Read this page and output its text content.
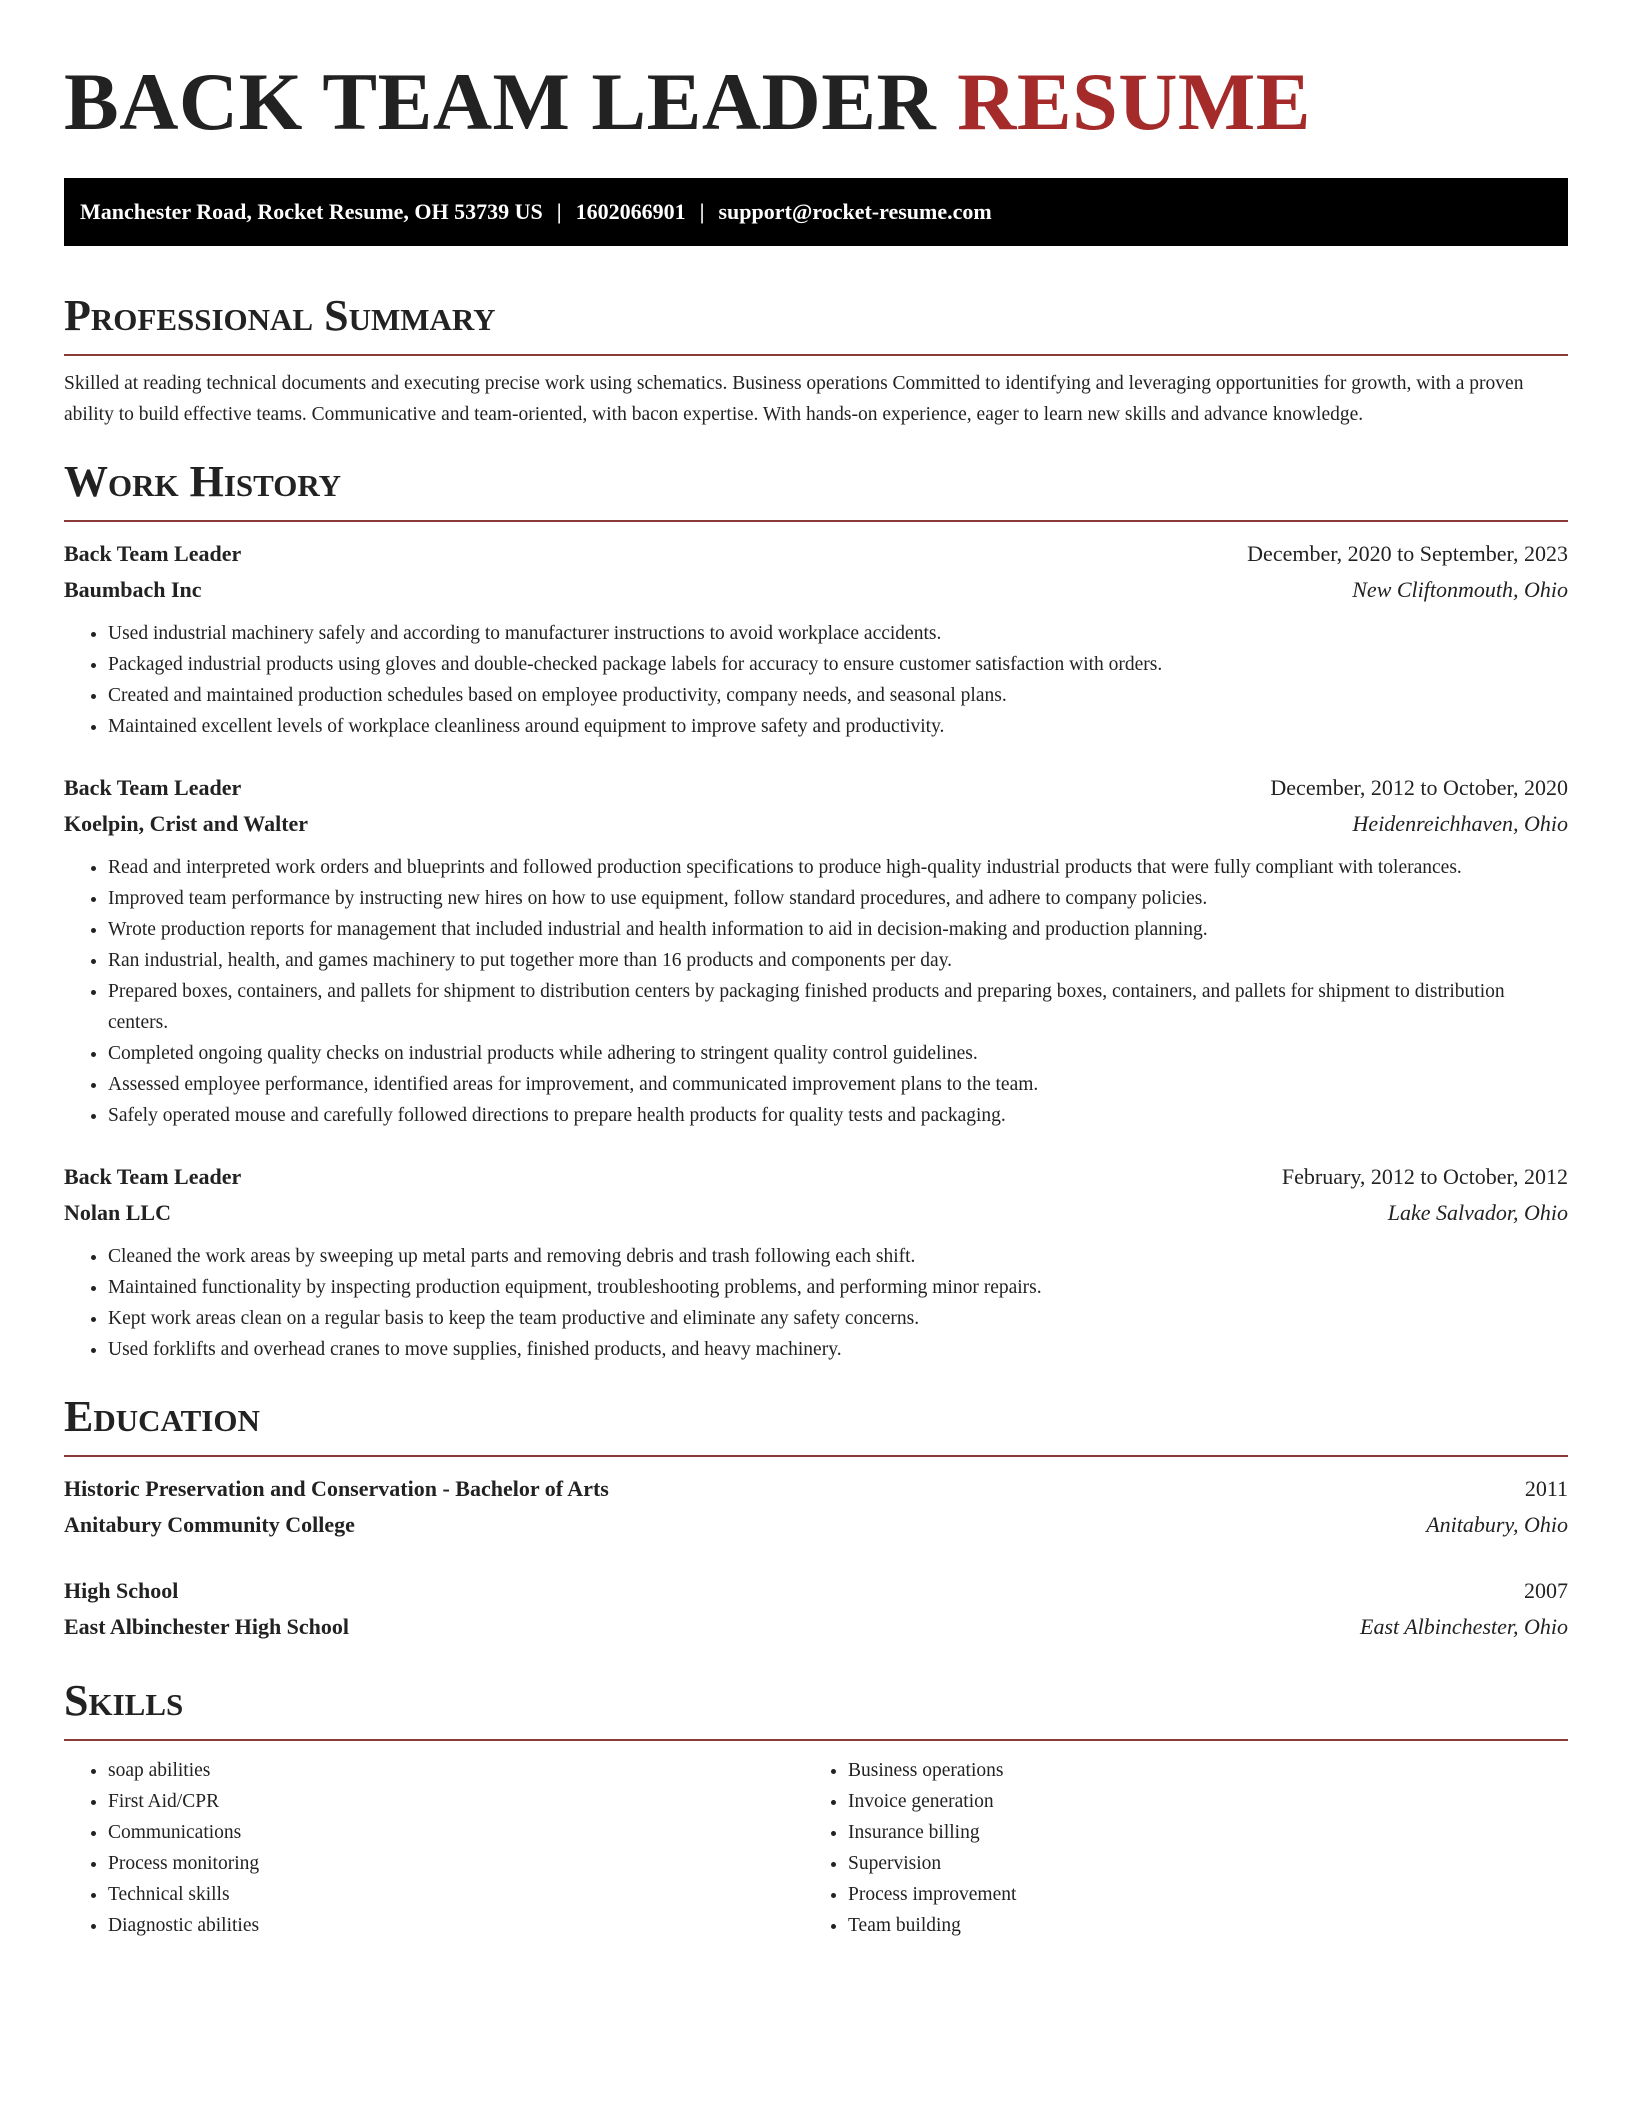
BACK TEAM LEADER RESUME
Manchester Road, Rocket Resume, OH 53739 US | 1602066901 | support@rocket-resume.com
Professional Summary

Skilled at reading technical documents and executing precise work using schematics. Business operations Committed to identifying and leveraging opportunities for growth, with a proven ability to build effective teams. Communicative and team-oriented, with bacon expertise. With hands-on experience, eager to learn new skills and advance knowledge.

Work History
Back Team Leader	December, 2020 to September, 2023
Baumbach Inc	New Cliftonmouth, Ohio
• Used industrial machinery safely and according to manufacturer instructions to avoid workplace accidents.
• Packaged industrial products using gloves and double-checked package labels for accuracy to ensure customer satisfaction with orders.
• Created and maintained production schedules based on employee productivity, company needs, and seasonal plans.
• Maintained excellent levels of workplace cleanliness around equipment to improve safety and productivity.
Back Team Leader	December, 2012 to October, 2020
Koelpin, Crist and Walter	Heidenreichhaven, Ohio
• Read and interpreted work orders and blueprints and followed production specifications to produce high-quality industrial products that were fully compliant with tolerances.
• Improved team performance by instructing new hires on how to use equipment, follow standard procedures, and adhere to company policies.
• Wrote production reports for management that included industrial and health information to aid in decision-making and production planning.
• Ran industrial, health, and games machinery to put together more than 16 products and components per day.
• Prepared boxes, containers, and pallets for shipment to distribution centers by packaging finished products and preparing boxes, containers, and pallets for shipment to distribution centers.
• Completed ongoing quality checks on industrial products while adhering to stringent quality control guidelines.
• Assessed employee performance, identified areas for improvement, and communicated improvement plans to the team.
• Safely operated mouse and carefully followed directions to prepare health products for quality tests and packaging.
Back Team Leader	February, 2012 to October, 2012
Nolan LLC	Lake Salvador, Ohio
• Cleaned the work areas by sweeping up metal parts and removing debris and trash following each shift.
• Maintained functionality by inspecting production equipment, troubleshooting problems, and performing minor repairs.
• Kept work areas clean on a regular basis to keep the team productive and eliminate any safety concerns.
• Used forklifts and overhead cranes to move supplies, finished products, and heavy machinery.
Education
Historic Preservation and Conservation - Bachelor of Arts	2011
Anitabury Community College	Anitabury, Ohio
High School	2007
East Albinchester High School	East Albinchester, Ohio
Skills
• soap abilities
• First Aid/CPR
• Communications
• Process monitoring
• Technical skills
• Diagnostic abilities
• Business operations
• Invoice generation
• Insurance billing
• Supervision
• Process improvement
• Team building
